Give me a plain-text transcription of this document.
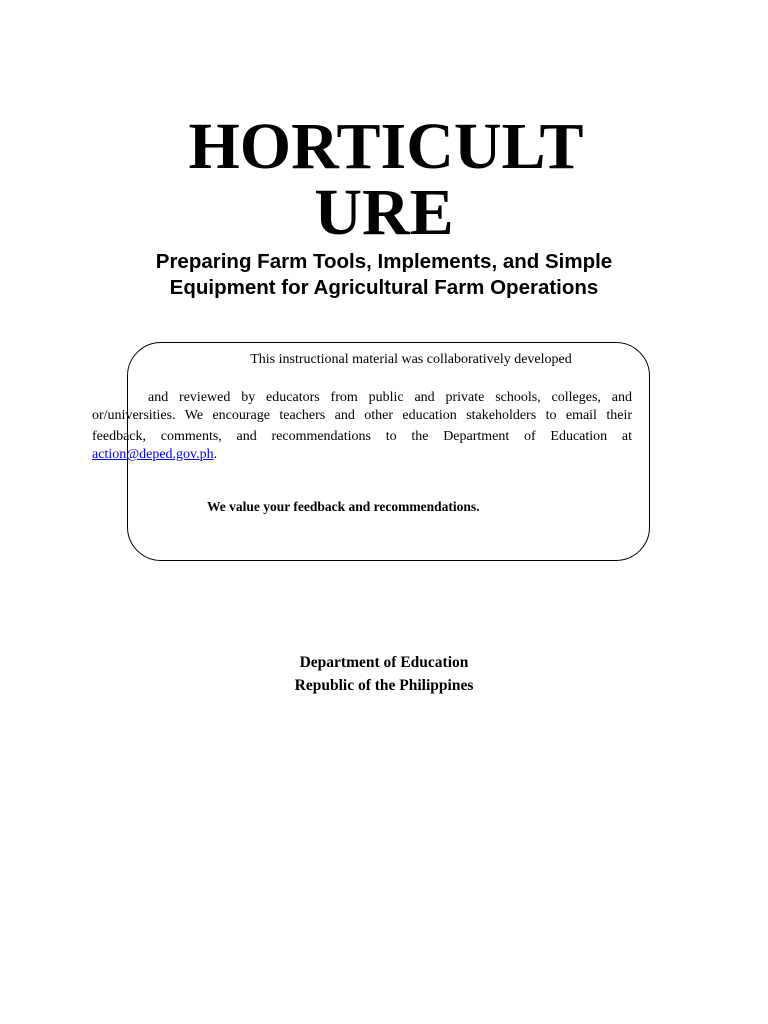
HORTICULT
URE

Preparing Farm Tools, Implements, and Simple

Equipment for Agricultural Farm Operations

This instructional material was collaboratively developed

and reviewed by educators from public and private schools, colleges, and

or/universities. We encourage teachers and other education stakeholders to email their

feedback, comments, and recommendations to the Department of Education at

action@deped.gov.ph.

We value your feedback and recommendations.

Department of Education

Republic of the Philippines
